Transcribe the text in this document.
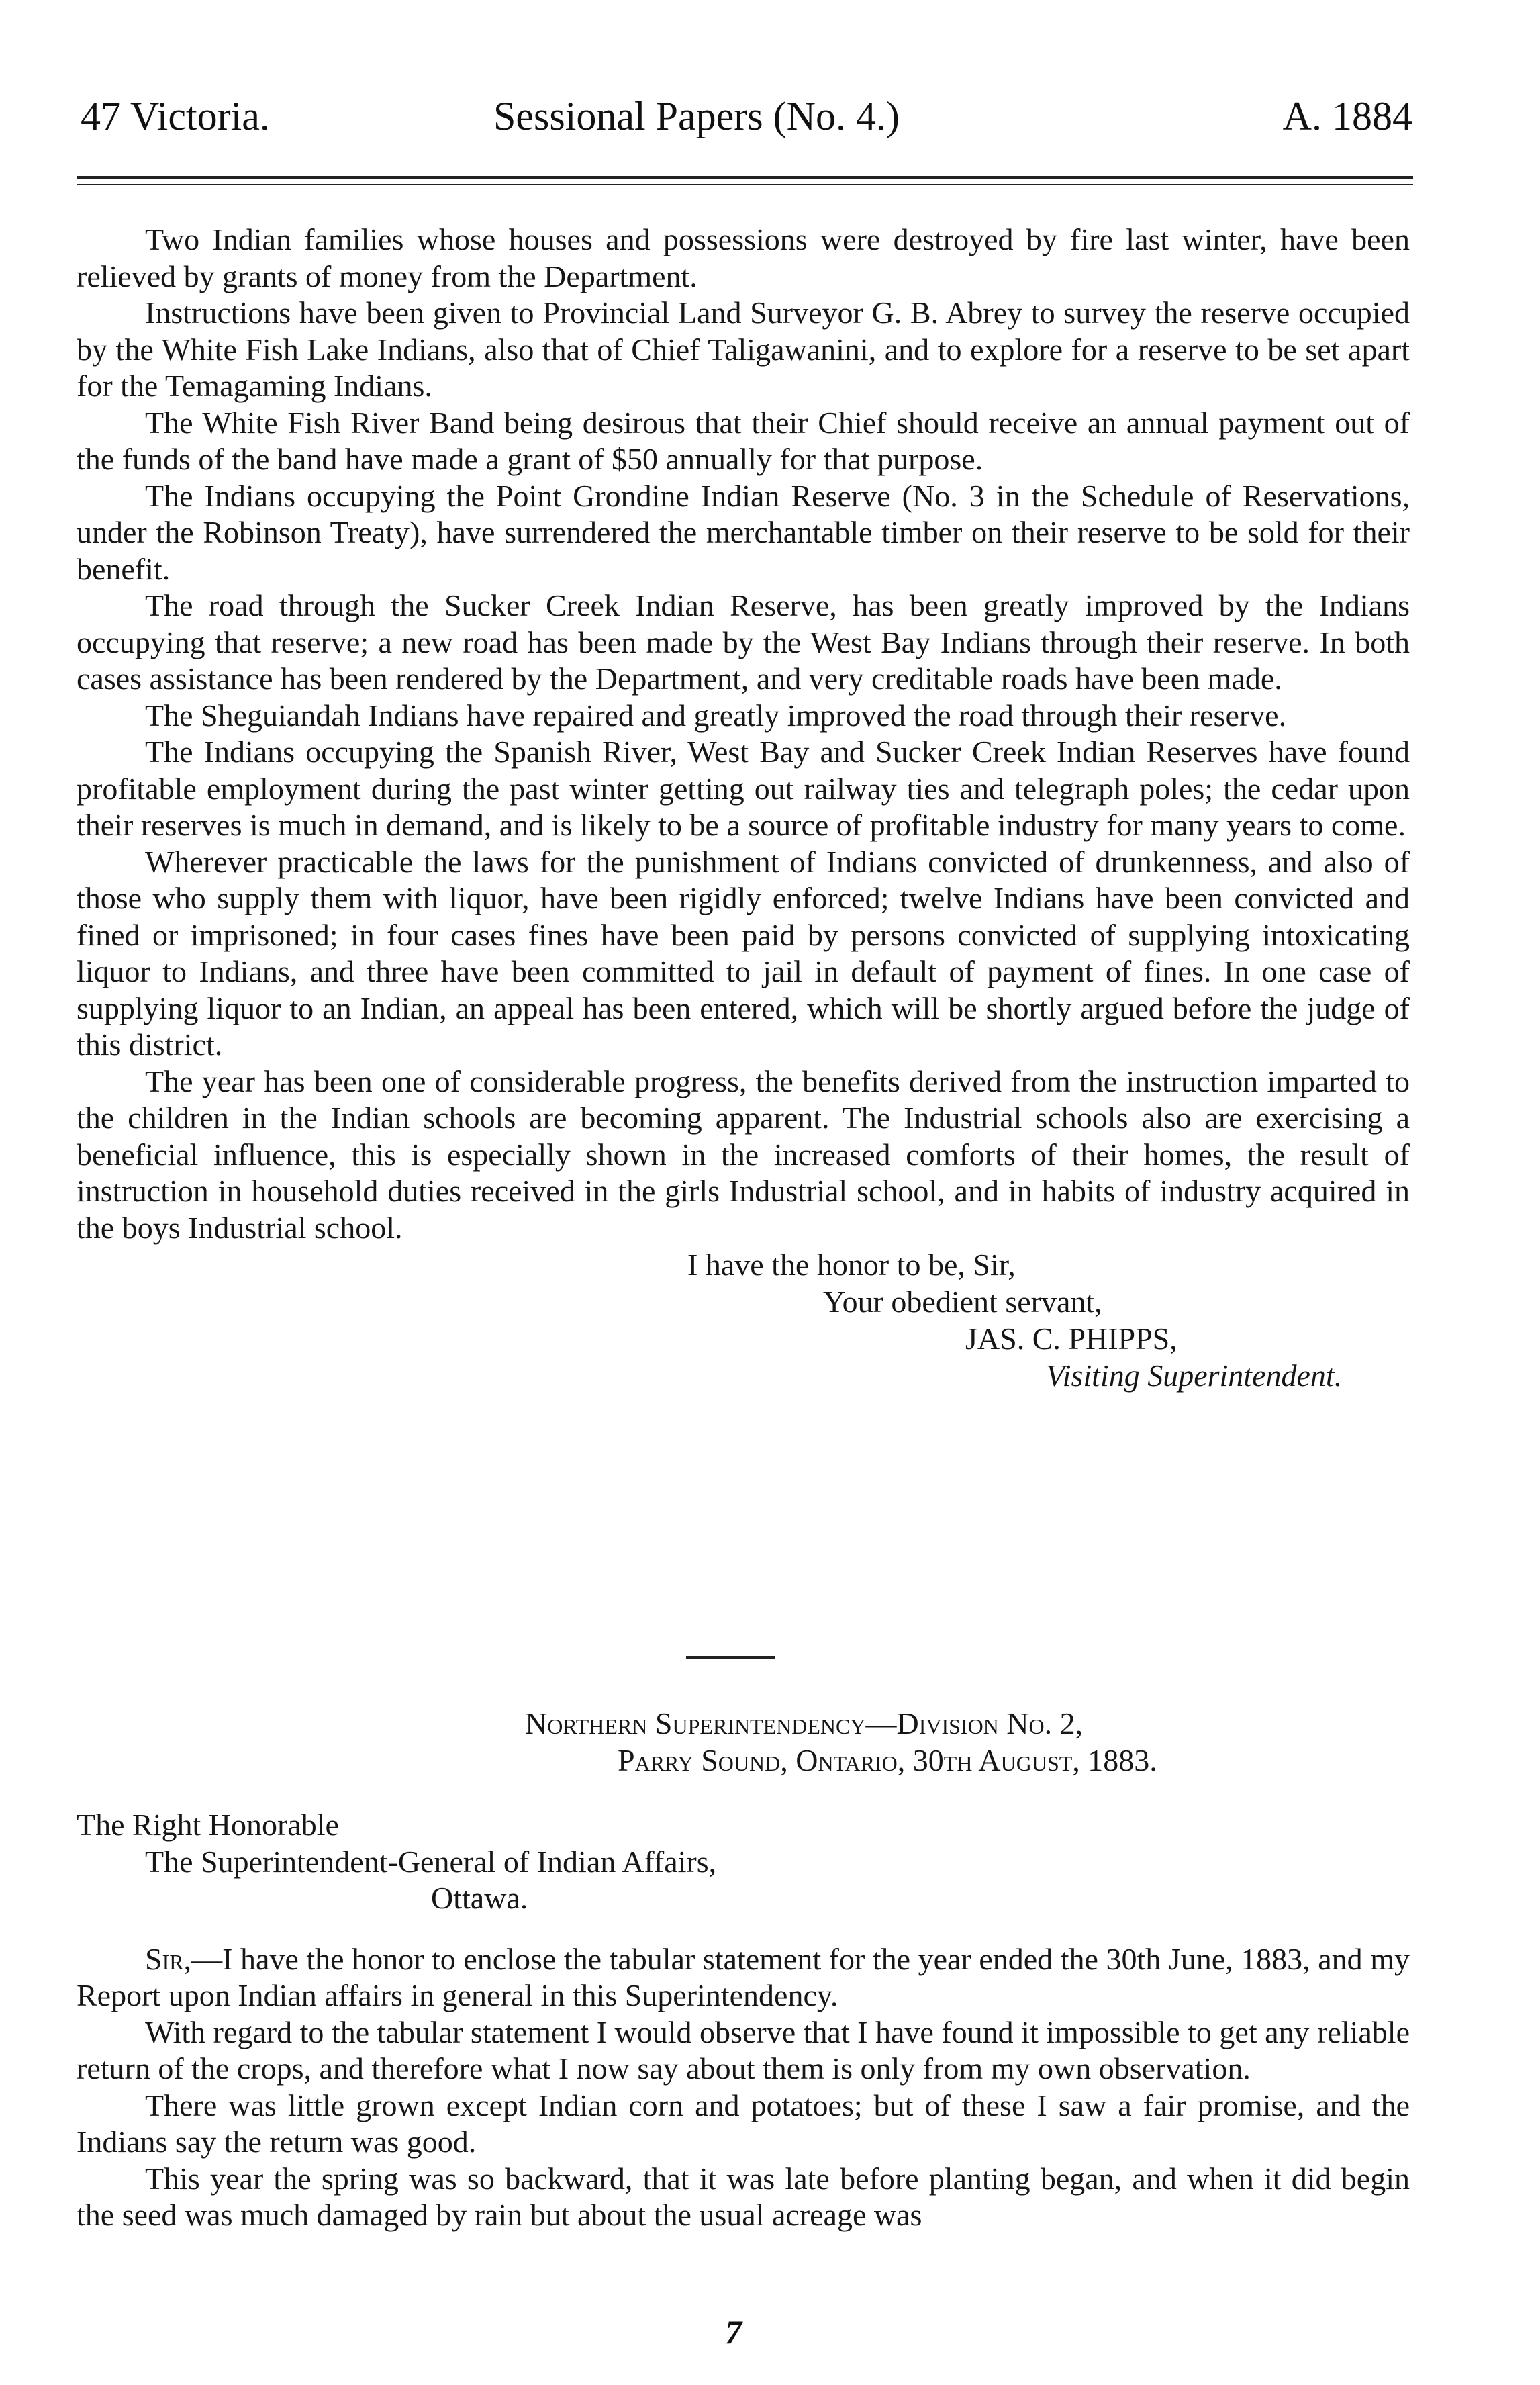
47 Victoria.	Sessional Papers (No. 4.)	A. 1884

Two Indian families whose houses and possessions were destroyed by fire last winter, have been relieved by grants of money from the Department.

Instructions have been given to Provincial Land Surveyor G. B. Abrey to survey the reserve occupied by the White Fish Lake Indians, also that of Chief Taligawanini, and to explore for a reserve to be set apart for the Temagaming Indians.

The White Fish River Band being desirous that their Chief should receive an annual payment out of the funds of the band have made a grant of $50 annually for that purpose.

The Indians occupying the Point Grondine Indian Reserve (No. 3 in the Schedule of Reservations, under the Robinson Treaty), have surrendered the merchantable timber on their reserve to be sold for their benefit.

The road through the Sucker Creek Indian Reserve, has been greatly improved by the Indians occupying that reserve; a new road has been made by the West Bay Indians through their reserve. In both cases assistance has been rendered by the Department, and very creditable roads have been made.

The Sheguiandah Indians have repaired and greatly improved the road through their reserve.

The Indians occupying the Spanish River, West Bay and Sucker Creek Indian Reserves have found profitable employment during the past winter getting out railway ties and telegraph poles; the cedar upon their reserves is much in demand, and is likely to be a source of profitable industry for many years to come.

Wherever practicable the laws for the punishment of Indians convicted of drunkenness, and also of those who supply them with liquor, have been rigidly enforced; twelve Indians have been convicted and fined or imprisoned; in four cases fines have been paid by persons convicted of supplying intoxicating liquor to Indians, and three have been committed to jail in default of payment of fines. In one case of supplying liquor to an Indian, an appeal has been entered, which will be shortly argued before the judge of this district.

The year has been one of considerable progress, the benefits derived from the instruction imparted to the children in the Indian schools are becoming apparent. The Industrial schools also are exercising a beneficial influence, this is especially shown in the increased comforts of their homes, the result of instruction in household duties received in the girls Industrial school, and in habits of industry acquired in the boys Industrial school.

I have the honor to be, Sir,

Your obedient servant,

JAS. C. PHIPPS,

Visiting Superintendent.

Northern Superintendency—Division No. 2,

Parry Sound, Ontario, 30th August, 1883.

The Right Honorable

The Superintendent-General of Indian Affairs,

Ottawa.

Sir,—I have the honor to enclose the tabular statement for the year ended the 30th June, 1883, and my Report upon Indian affairs in general in this Superintendency.

With regard to the tabular statement I would observe that I have found it impossible to get any reliable return of the crops, and therefore what I now say about them is only from my own observation.

There was little grown except Indian corn and potatoes; but of these I saw a fair promise, and the Indians say the return was good.

This year the spring was so backward, that it was late before planting began, and when it did begin the seed was much damaged by rain but about the usual acreage was

7
